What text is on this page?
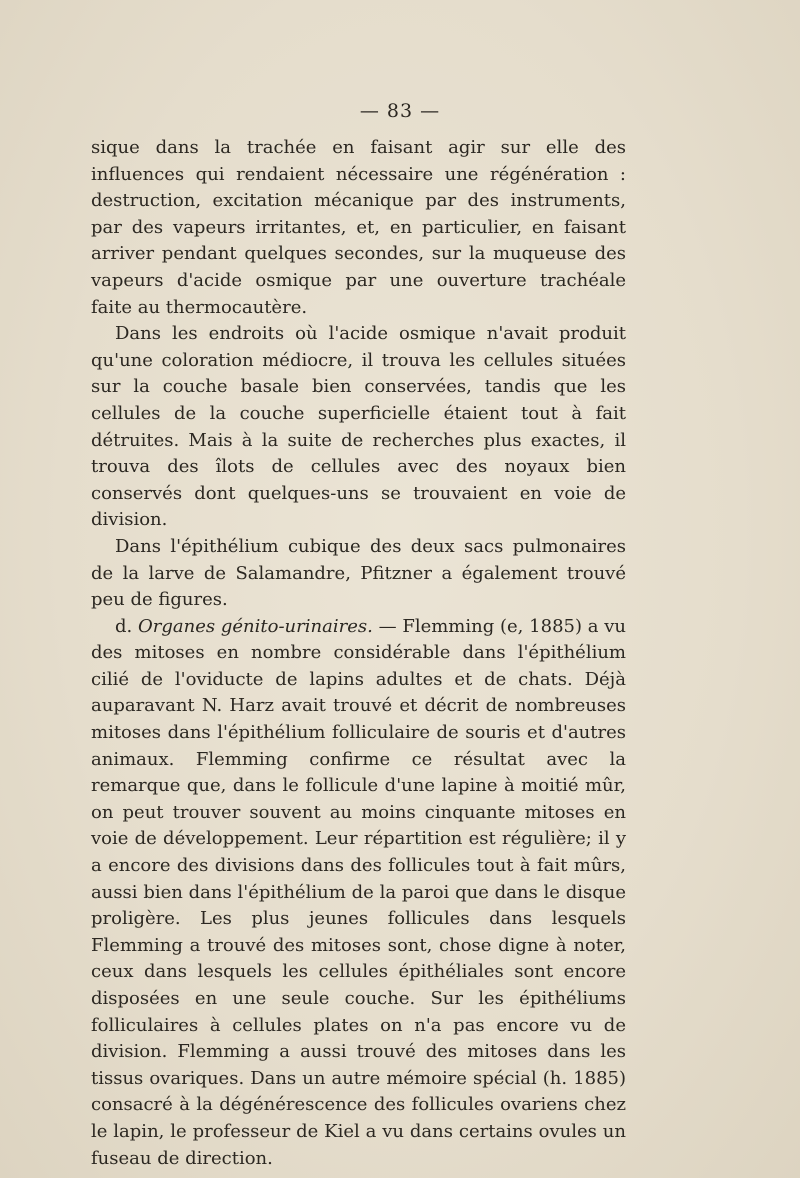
— 83 —

sique dans la trachée en faisant agir sur elle des influences qui rendaient nécessaire une régénération : destruction, excitation mécanique par des instruments, par des vapeurs irritantes, et, en particulier, en faisant arriver pendant quelques secondes, sur la muqueuse des vapeurs d'acide osmique par une ouverture trachéale faite au thermocautère.

Dans les endroits où l'acide osmique n'avait produit qu'une coloration médiocre, il trouva les cellules situées sur la couche basale bien conservées, tandis que les cellules de la couche superficielle étaient tout à fait détruites. Mais à la suite de recherches plus exactes, il trouva des îlots de cellules avec des noyaux bien conservés dont quelques-uns se trouvaient en voie de division.

Dans l'épithélium cubique des deux sacs pulmonaires de la larve de Salamandre, Pfitzner a également trouvé peu de figures.

d. Organes génito-urinaires. — Flemming (e, 1885) a vu des mitoses en nombre considérable dans l'épithélium cilié de l'oviducte de lapins adultes et de chats. Déjà auparavant N. Harz avait trouvé et décrit de nombreuses mitoses dans l'épithélium folliculaire de souris et d'autres animaux. Flemming confirme ce résultat avec la remarque que, dans le follicule d'une lapine à moitié mûr, on peut trouver souvent au moins cinquante mitoses en voie de développement. Leur répartition est régulière; il y a encore des divisions dans des follicules tout à fait mûrs, aussi bien dans l'épithélium de la paroi que dans le disque proligère. Les plus jeunes follicules dans lesquels Flemming a trouvé des mitoses sont, chose digne à noter, ceux dans lesquels les cellules épithéliales sont encore disposées en une seule couche. Sur les épithéliums folliculaires à cellules plates on n'a pas encore vu de division. Flemming a aussi trouvé des mitoses dans les tissus ovariques. Dans un autre mémoire spécial (h. 1885) consacré à la dégénérescence des follicules ovariens chez le lapin, le professeur de Kiel a vu dans certains ovules un fuseau de direction.
